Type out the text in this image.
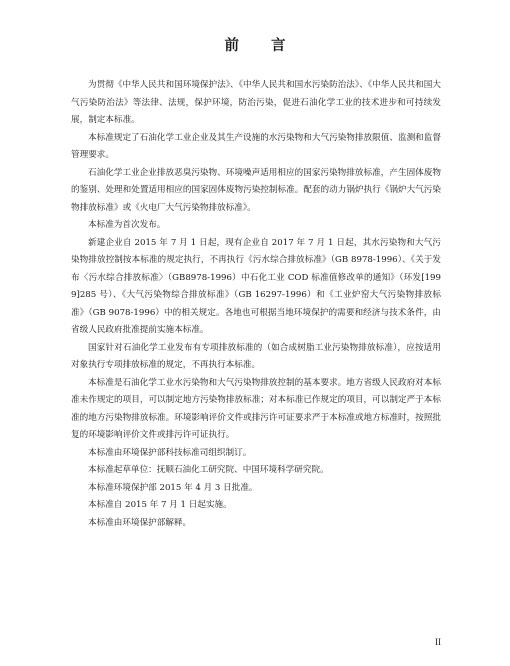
前 言

为贯彻《中华人民共和国环境保护法》、《中华人民共和国水污染防治法》、《中华人民共和国大气污染防治法》等法律、法规，保护环境，防治污染，促进石油化学工业的技术进步和可持续发展，制定本标准。

本标准规定了石油化学工业企业及其生产设施的水污染物和大气污染物排放限值、监测和监督管理要求。

石油化学工业企业排放恶臭污染物、环境噪声适用相应的国家污染物排放标准，产生固体废物的鉴别、处理和处置适用相应的国家固体废物污染控制标准。配套的动力锅炉执行《锅炉大气污染物排放标准》或《火电厂大气污染物排放标准》。

本标准为首次发布。

新建企业自 2015 年 7 月 1 日起，现有企业自 2017 年 7 月 1 日起，其水污染物和大气污染物排放控制按本标准的规定执行，不再执行《污水综合排放标准》（GB 8978-1996）、《关于发布〈污水综合排放标准〉（GB8978-1996）中石化工业 COD 标准值修改单的通知》（环发[1999]285 号）、《大气污染物综合排放标准》（GB 16297-1996）和《工业炉窑大气污染物排放标准》（GB 9078-1996）中的相关规定。各地也可根据当地环境保护的需要和经济与技术条件，由省级人民政府批准提前实施本标准。

国家针对石油化学工业发布有专项排放标准的（如合成树脂工业污染物排放标准），应按适用对象执行专项排放标准的规定，不再执行本标准。

本标准是石油化学工业水污染物和大气污染物排放控制的基本要求。地方省级人民政府对本标准未作规定的项目，可以制定地方污染物排放标准；对本标准已作规定的项目，可以制定严于本标准的地方污染物排放标准。环境影响评价文件或排污许可证要求严于本标准或地方标准时，按照批复的环境影响评价文件或排污许可证执行。

本标准由环境保护部科技标准司组织制订。

本标准起草单位：抚顺石油化工研究院、中国环境科学研究院。

本标准环境保护部 2015 年 4 月 3 日批准。

本标准自 2015 年 7 月 1 日起实施。

本标准由环境保护部解释。

II
